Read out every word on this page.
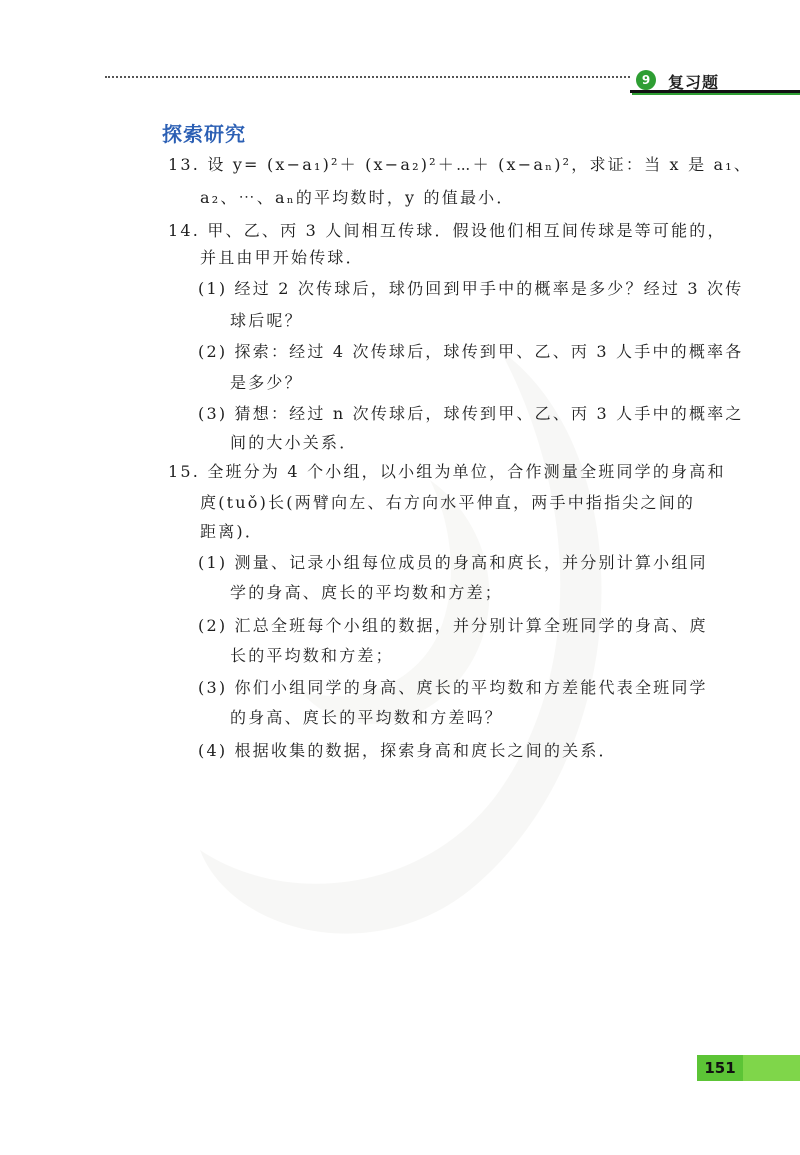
9	复习题
探索研究
13. 设 y= (x−a₁)²＋ (x−a₂)²＋⋯＋ (x−aₙ)²，求证：当 x 是 a₁、
a₂、⋯、aₙ的平均数时，y 的值最小．
14. 甲、乙、丙 3 人间相互传球．假设他们相互间传球是等可能的，
并且由甲开始传球．
(1) 经过 2 次传球后，球仍回到甲手中的概率是多少？经过 3 次传
球后呢？
(2) 探索：经过 4 次传球后，球传到甲、乙、丙 3 人手中的概率各
是多少？
(3) 猜想：经过 n 次传球后，球传到甲、乙、丙 3 人手中的概率之
间的大小关系．
15. 全班分为 4 个小组，以小组为单位，合作测量全班同学的身高和
庹(tuǒ)长(两臂向左、右方向水平伸直，两手中指指尖之间的
距离)．
(1) 测量、记录小组每位成员的身高和庹长，并分别计算小组同
学的身高、庹长的平均数和方差；
(2) 汇总全班每个小组的数据，并分别计算全班同学的身高、庹
长的平均数和方差；
(3) 你们小组同学的身高、庹长的平均数和方差能代表全班同学
的身高、庹长的平均数和方差吗？
(4) 根据收集的数据，探索身高和庹长之间的关系．
151
